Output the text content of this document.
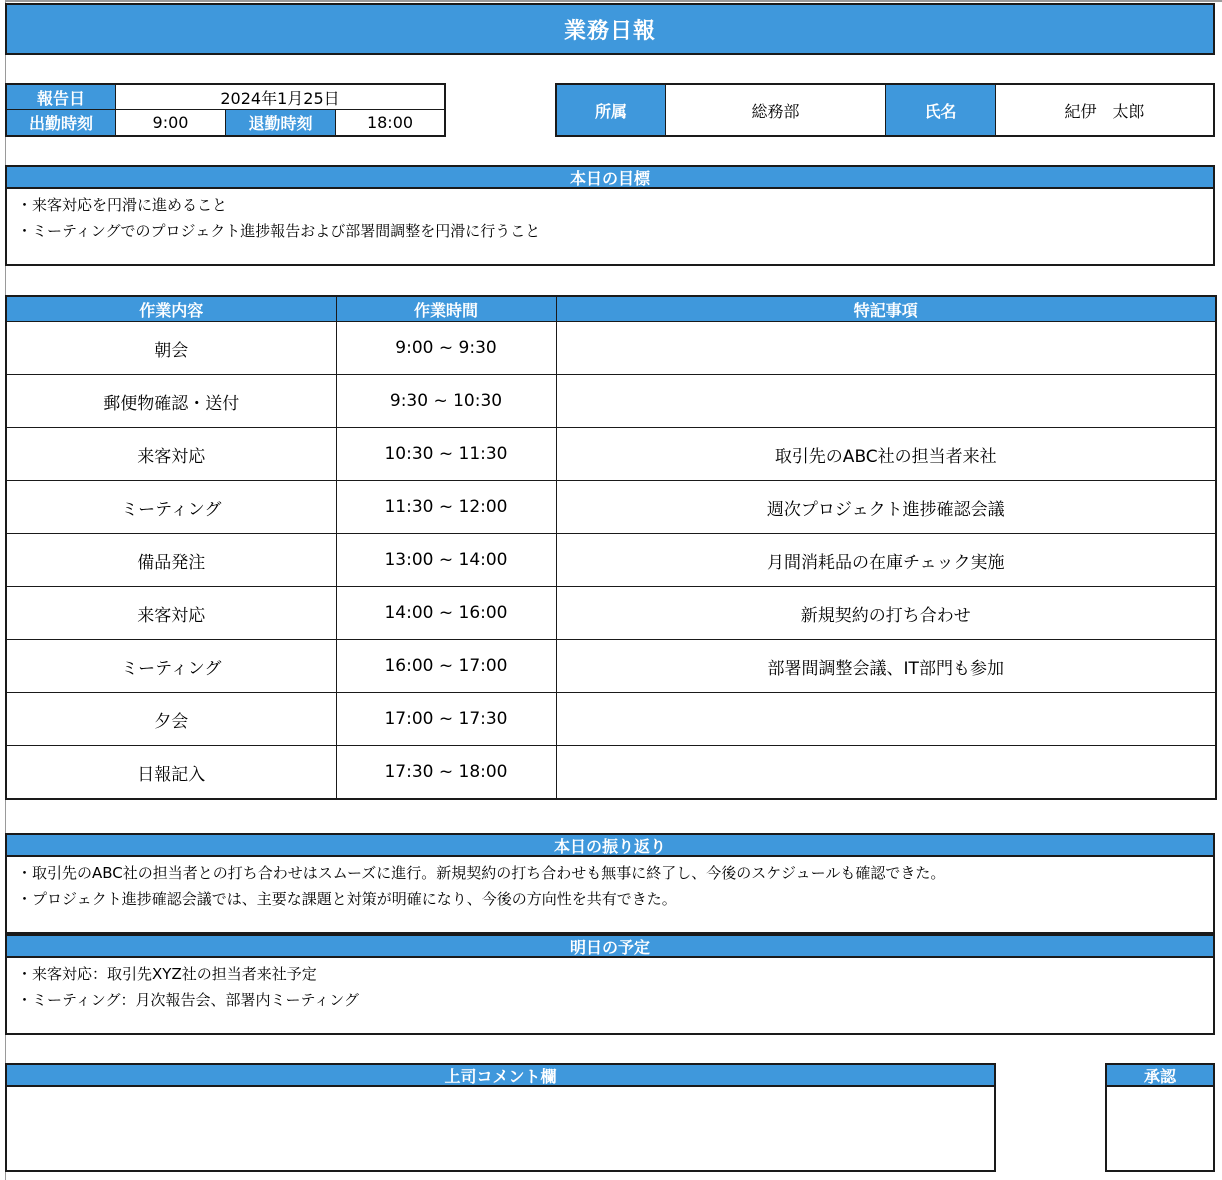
業務日報
報告日	2024年1月25日
出勤時刻	9:00	退勤時刻	18:00
所属	総務部	氏名	紀伊　太郎
本日の目標
・来客対応を円滑に進めること
・ミーティングでのプロジェクト進捗報告および部署間調整を円滑に行うこと
作業内容	作業時間	特記事項
朝会	9:00 ~ 9:30	
郵便物確認・送付	9:30 ~ 10:30	
来客対応	10:30 ~ 11:30	取引先のABC社の担当者来社
ミーティング	11:30 ~ 12:00	週次プロジェクト進捗確認会議
備品発注	13:00 ~ 14:00	月間消耗品の在庫チェック実施
来客対応	14:00 ~ 16:00	新規契約の打ち合わせ
ミーティング	16:00 ~ 17:00	部署間調整会議、IT部門も参加
夕会	17:00 ~ 17:30	
日報記入	17:30 ~ 18:00	
本日の振り返り
・取引先のABC社の担当者との打ち合わせはスムーズに進行。新規契約の打ち合わせも無事に終了し、今後のスケジュールも確認できた。
・プロジェクト進捗確認会議では、主要な課題と対策が明確になり、今後の方向性を共有できた。
明日の予定
・来客対応：取引先XYZ社の担当者来社予定
・ミーティング：月次報告会、部署内ミーティング
上司コメント欄	承認
